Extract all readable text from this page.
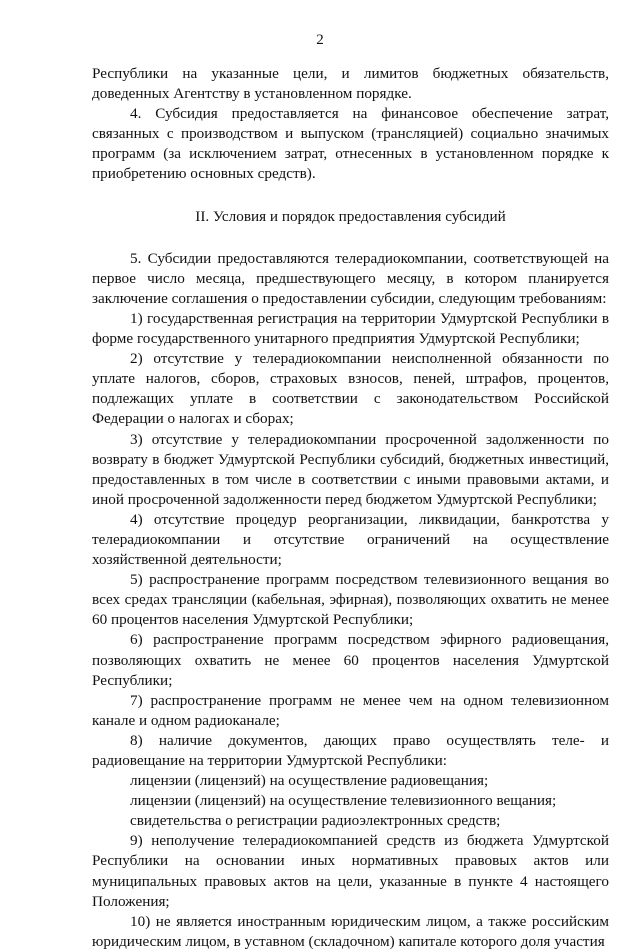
2

Республики на указанные цели, и лимитов бюджетных обязательств, доведенных Агентству в установленном порядке.

4. Субсидия предоставляется на финансовое обеспечение затрат, связанных с производством и выпуском (трансляцией) социально значимых программ (за исключением затрат, отнесенных в установленном порядке к приобретению основных средств).

II. Условия и порядок предоставления субсидий

5. Субсидии предоставляются телерадиокомпании, соответствующей на первое число месяца, предшествующего месяцу, в котором планируется заключение соглашения о предоставлении субсидии, следующим требованиям:

1) государственная регистрация на территории Удмуртской Республики в форме государственного унитарного предприятия Удмуртской Республики;

2) отсутствие у телерадиокомпании неисполненной обязанности по уплате налогов, сборов, страховых взносов, пеней, штрафов, процентов, подлежащих уплате в соответствии с законодательством Российской Федерации о налогах и сборах;

3) отсутствие у телерадиокомпании просроченной задолженности по возврату в бюджет Удмуртской Республики субсидий, бюджетных инвестиций, предоставленных в том числе в соответствии с иными правовыми актами, и иной просроченной задолженности перед бюджетом Удмуртской Республики;

4) отсутствие процедур реорганизации, ликвидации, банкротства у телерадиокомпании и отсутствие ограничений на осуществление хозяйственной деятельности;

5) распространение программ посредством телевизионного вещания во всех средах трансляции (кабельная, эфирная), позволяющих охватить не менее 60 процентов населения Удмуртской Республики;

6) распространение программ посредством эфирного радиовещания, позволяющих охватить не менее 60 процентов населения Удмуртской Республики;

7) распространение программ не менее чем на одном телевизионном канале и одном радиоканале;

8) наличие документов, дающих право осуществлять теле- и радиовещание на территории Удмуртской Республики:

лицензии (лицензий) на осуществление радиовещания;

лицензии (лицензий) на осуществление телевизионного вещания;

свидетельства о регистрации радиоэлектронных средств;

9) неполучение телерадиокомпанией средств из бюджета Удмуртской Республики на основании иных нормативных правовых актов или муниципальных правовых актов на цели, указанные в пункте 4 настоящего Положения;

10) не является иностранным юридическим лицом, а также российским юридическим лицом, в уставном (складочном) капитале которого доля участия
